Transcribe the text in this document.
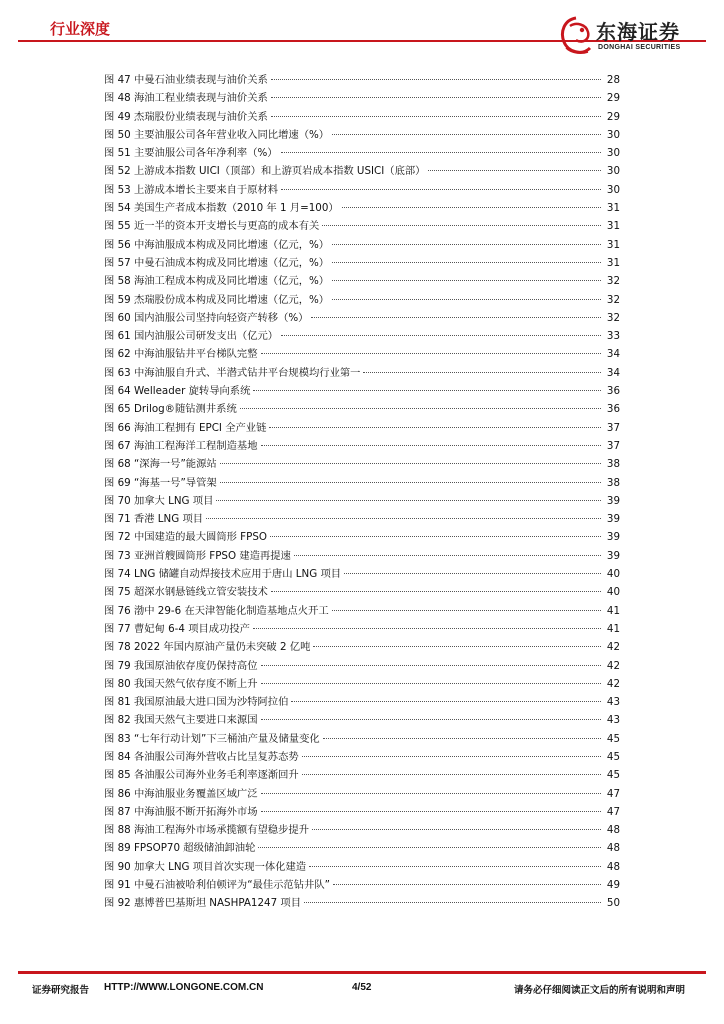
行业深度	东海证券
DONGHAI SECURITIES
图 47 中曼石油业绩表现与油价关系	28
图 48 海油工程业绩表现与油价关系	29
图 49 杰瑞股份业绩表现与油价关系	29
图 50 主要油服公司各年营业收入同比增速（%）	30
图 51 主要油服公司各年净利率（%）	30
图 52 上游成本指数 UICI（顶部）和上游页岩成本指数 USICI（底部）	30
图 53 上游成本增长主要来自于原材料	30
图 54 美国生产者成本指数（2010 年 1 月=100）	31
图 55 近一半的资本开支增长与更高的成本有关	31
图 56 中海油服成本构成及同比增速（亿元，%）	31
图 57 中曼石油成本构成及同比增速（亿元，%）	31
图 58 海油工程成本构成及同比增速（亿元，%）	32
图 59 杰瑞股份成本构成及同比增速（亿元，%）	32
图 60 国内油服公司坚持向轻资产转移（%）	32
图 61 国内油服公司研发支出（亿元）	33
图 62 中海油服钻井平台梯队完整	34
图 63 中海油服自升式、半潜式钻井平台规模均行业第一	34
图 64 Welleader 旋转导向系统	36
图 65 Drilog®随钻测井系统	36
图 66 海油工程拥有 EPCI 全产业链	37
图 67 海油工程海洋工程制造基地	37
图 68 “深海一号”能源站	38
图 69 “海基一号”导管架	38
图 70 加拿大 LNG 项目	39
图 71 香港 LNG 项目	39
图 72 中国建造的最大圆筒形 FPSO	39
图 73 亚洲首艘圆筒形 FPSO 建造再提速	39
图 74 LNG 储罐自动焊接技术应用于唐山 LNG 项目	40
图 75 超深水钢悬链线立管安装技术	40
图 76 渤中 29-6 在天津智能化制造基地点火开工	41
图 77 曹妃甸 6-4 项目成功投产	41
图 78 2022 年国内原油产量仍未突破 2 亿吨	42
图 79 我国原油依存度仍保持高位	42
图 80 我国天然气依存度不断上升	42
图 81 我国原油最大进口国为沙特阿拉伯	43
图 82 我国天然气主要进口来源国	43
图 83 “七年行动计划”下三桶油产量及储量变化	45
图 84 各油服公司海外营收占比呈复苏态势	45
图 85 各油服公司海外业务毛利率逐渐回升	45
图 86 中海油服业务覆盖区域广泛	47
图 87 中海油服不断开拓海外市场	47
图 88 海油工程海外市场承揽额有望稳步提升	48
图 89 FPSOP70 超级储油卸油轮	48
图 90 加拿大 LNG 项目首次实现一体化建造	48
图 91 中曼石油被哈利伯顿评为“最佳示范钻井队”	49
图 92 惠博普巴基斯坦 NASHPA1247 项目	50
证券研究报告 HTTP://WWW.LONGONE.COM.CN	4/52	请务必仔细阅读正文后的所有说明和声明
